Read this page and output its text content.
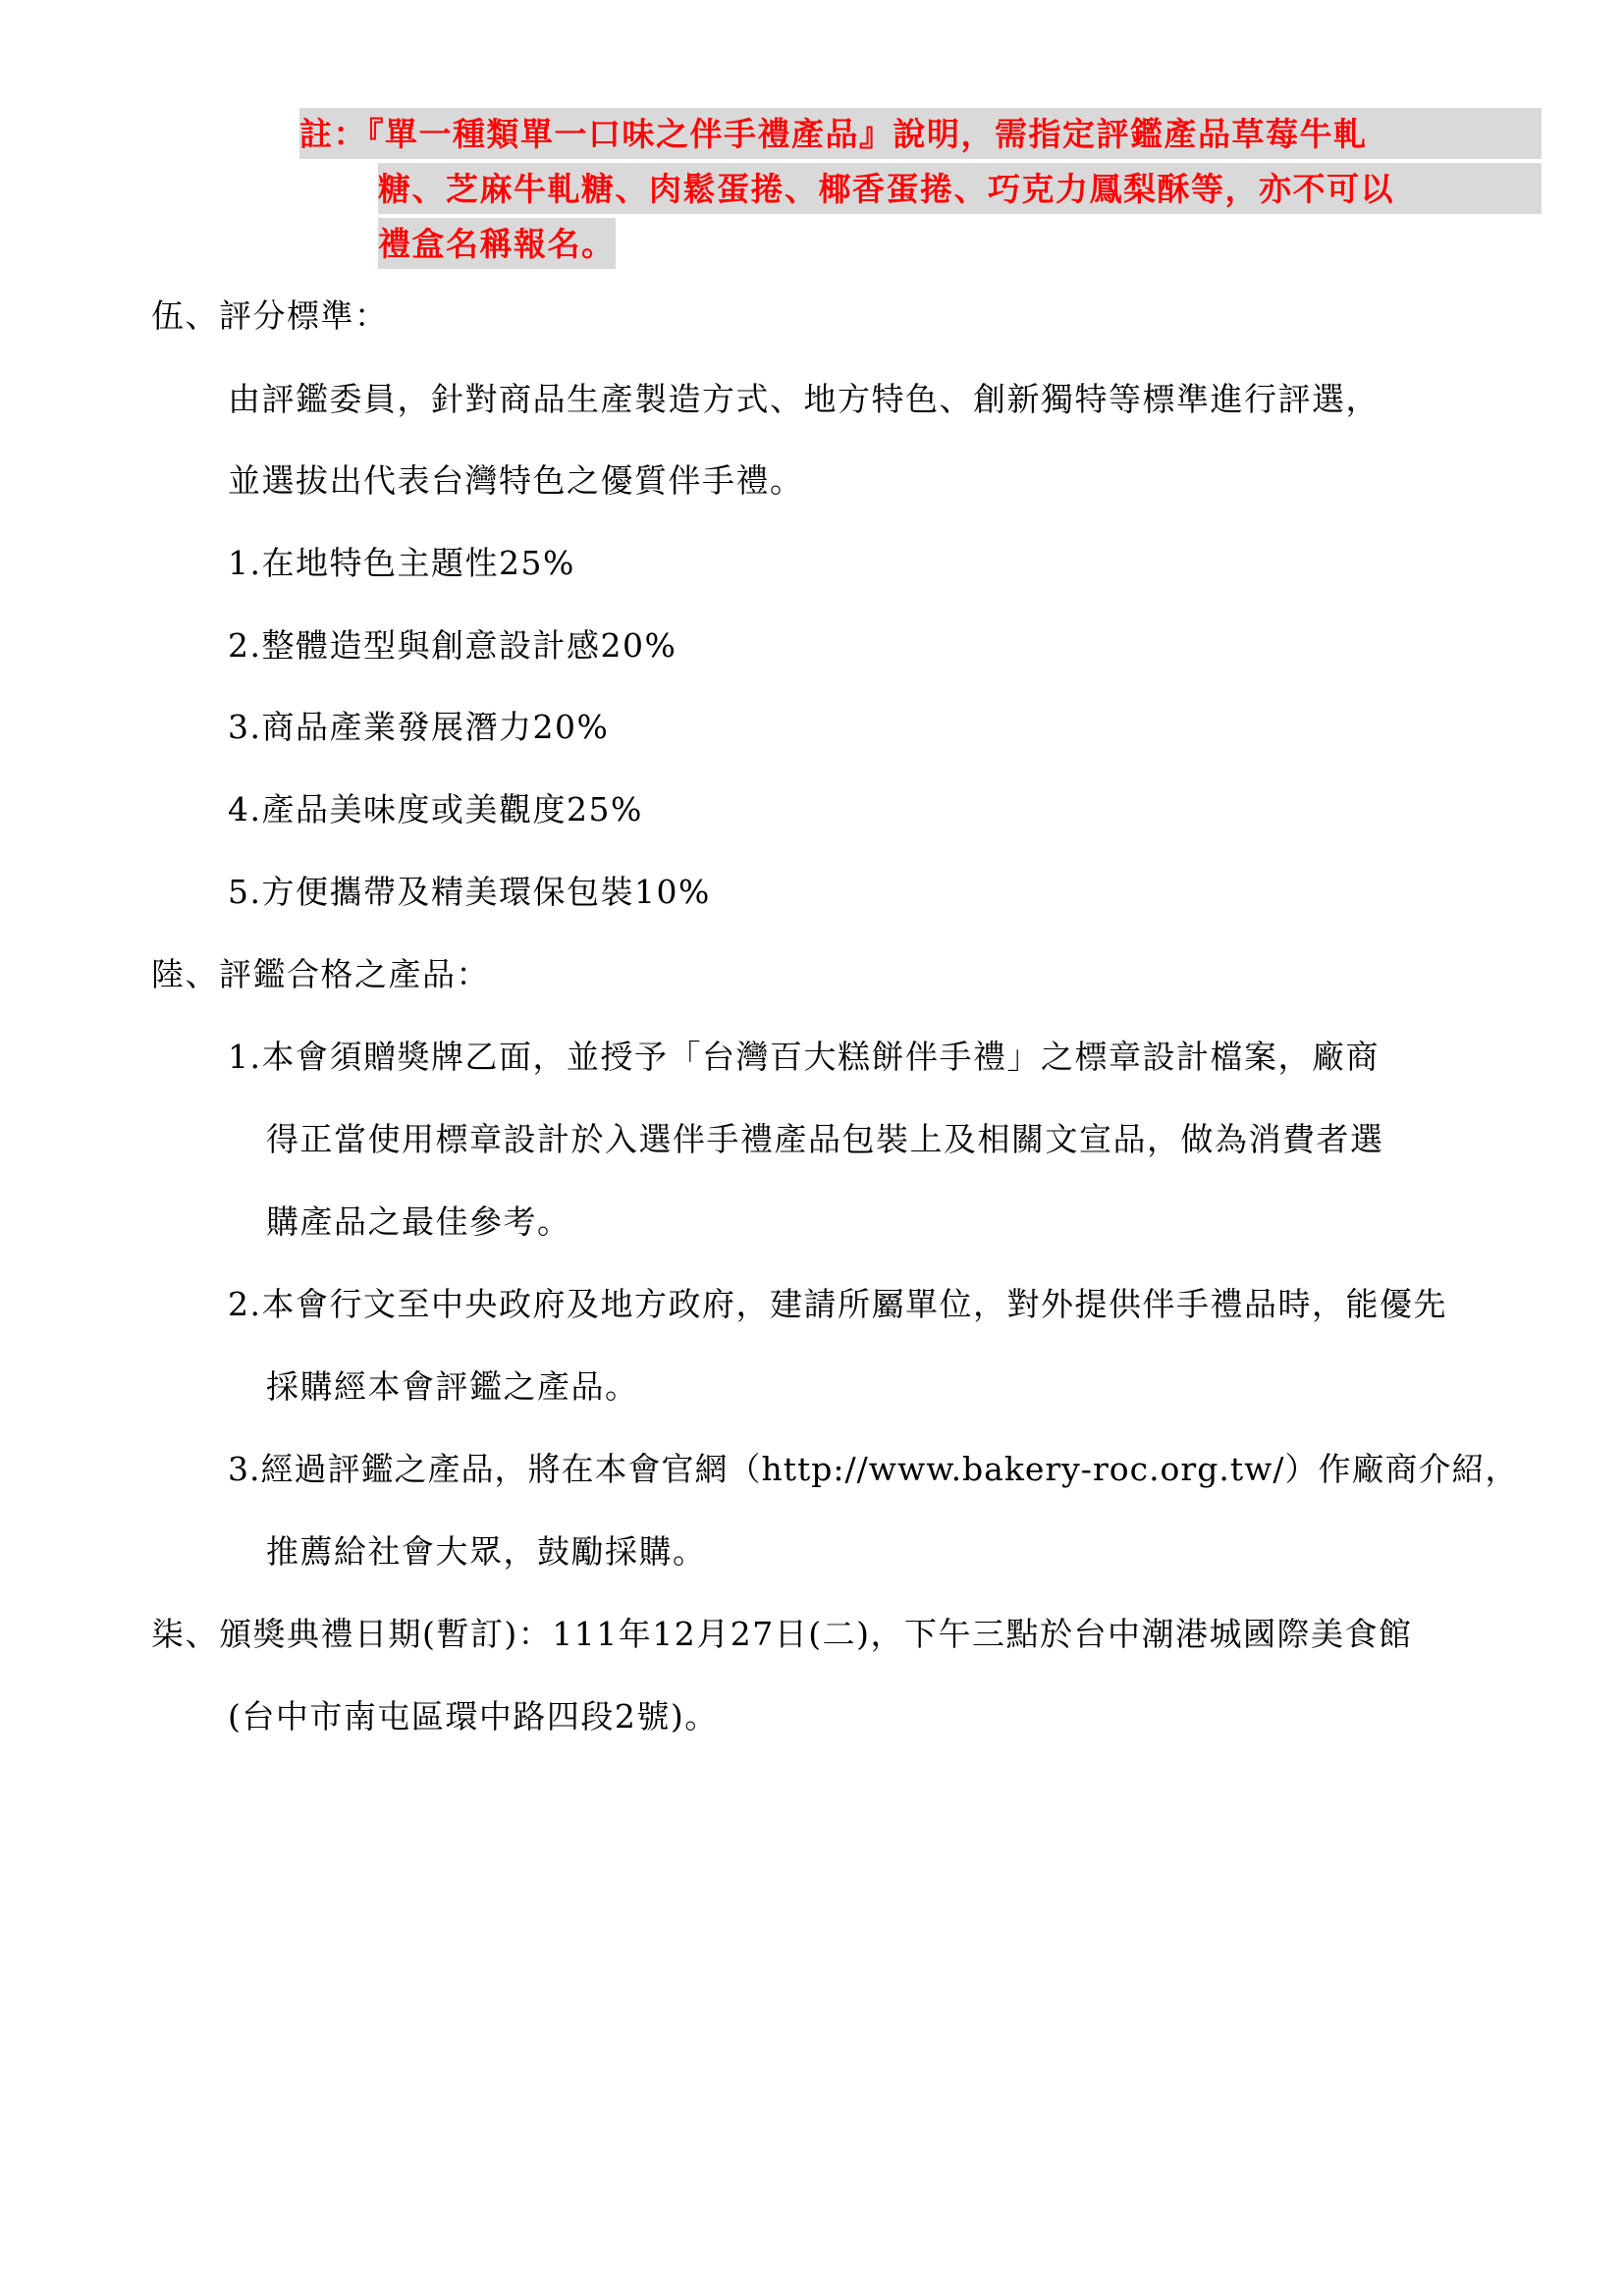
註：『單一種類單一口味之伴手禮產品』說明，需指定評鑑產品草莓牛軋
糖、芝麻牛軋糖、肉鬆蛋捲、椰香蛋捲、巧克力鳳梨酥等，亦不可以
禮盒名稱報名。
伍、評分標準：
由評鑑委員，針對商品生產製造方式、地方特色、創新獨特等標準進行評選，
並選拔出代表台灣特色之優質伴手禮。
1.在地特色主題性25%
2.整體造型與創意設計感20%
3.商品產業發展潛力20%
4.產品美味度或美觀度25%
5.方便攜帶及精美環保包裝10%
陸、評鑑合格之產品：
1.本會須贈獎牌乙面，並授予「台灣百大糕餅伴手禮」之標章設計檔案，廠商
得正當使用標章設計於入選伴手禮產品包裝上及相關文宣品，做為消費者選
購產品之最佳參考。
2.本會行文至中央政府及地方政府，建請所屬單位，對外提供伴手禮品時，能優先
採購經本會評鑑之產品。
3.經過評鑑之產品，將在本會官網（http://www.bakery-roc.org.tw/）作廠商介紹，
推薦給社會大眾，鼓勵採購。
柒、頒獎典禮日期(暫訂)：111年12月27日(二)，下午三點於台中潮港城國際美食館
(台中市南屯區環中路四段2號)。
